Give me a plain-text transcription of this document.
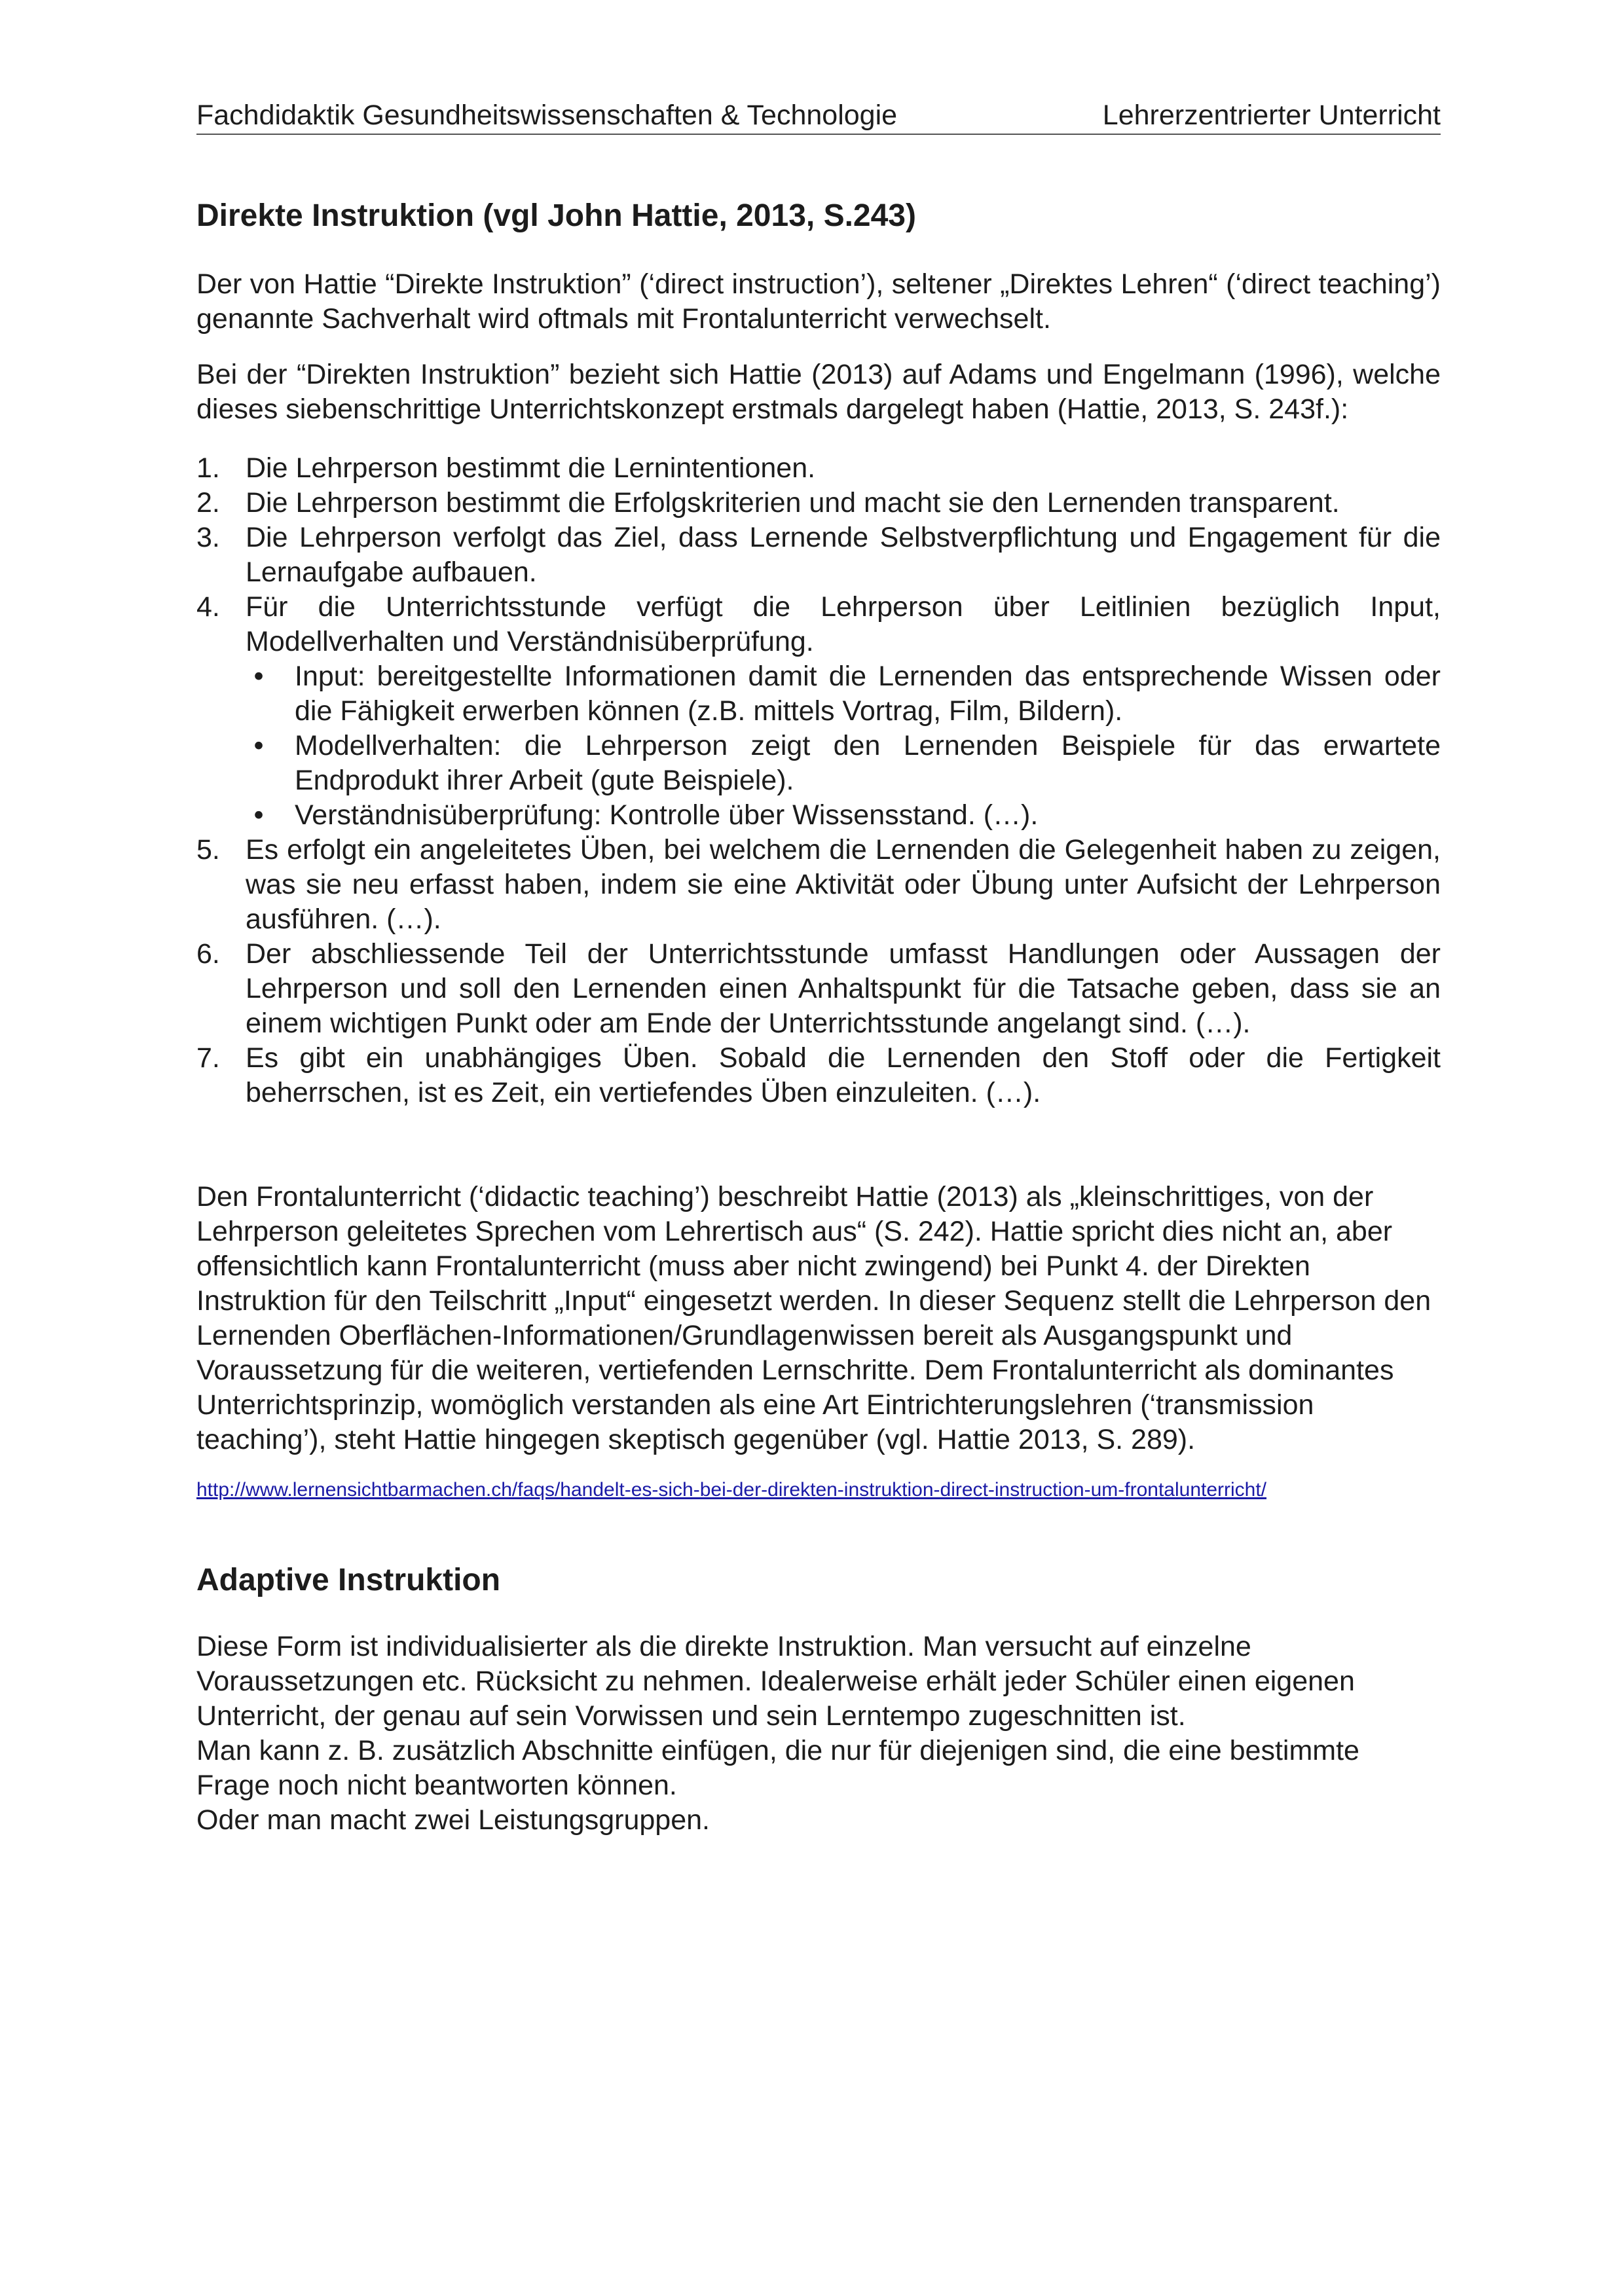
Fachdidaktik Gesundheitswissenschaften & Technologie	Lehrerzentrierter Unterricht
Direkte Instruktion (vgl John Hattie, 2013, S.243)

Der von Hattie “Direkte Instruktion” (‘direct instruction’), seltener „Direktes Lehren“ (‘direct teaching’) genannte Sachverhalt wird oftmals mit Frontalunterricht verwechselt.

Bei der “Direkten Instruktion” bezieht sich Hattie (2013) auf Adams und Engelmann (1996), welche dieses siebenschrittige Unterrichtskonzept erstmals dargelegt haben (Hattie, 2013, S. 243f.):

1. Die Lehrperson bestimmt die Lernintentionen.
2. Die Lehrperson bestimmt die Erfolgskriterien und macht sie den Lernenden transparent.
3. Die Lehrperson verfolgt das Ziel, dass Lernende Selbstverpflichtung und Engagement für die Lernaufgabe aufbauen.
4. Für die Unterrichtsstunde verfügt die Lehrperson über Leitlinien bezüglich Input, Modellverhalten und Verständnisüberprüfung.
• Input: bereitgestellte Informationen damit die Lernenden das entsprechende Wissen oder die Fähigkeit erwerben können (z.B. mittels Vortrag, Film, Bildern).
• Modellverhalten: die Lehrperson zeigt den Lernenden Beispiele für das erwartete Endprodukt ihrer Arbeit (gute Beispiele).
• Verständnisüberprüfung: Kontrolle über Wissensstand. (…).
5. Es erfolgt ein angeleitetes Üben, bei welchem die Lernenden die Gelegenheit haben zu zeigen, was sie neu erfasst haben, indem sie eine Aktivität oder Übung unter Aufsicht der Lehrperson ausführen. (…).
6. Der abschliessende Teil der Unterrichtsstunde umfasst Handlungen oder Aussagen der Lehrperson und soll den Lernenden einen Anhaltspunkt für die Tatsache geben, dass sie an einem wichtigen Punkt oder am Ende der Unterrichtsstunde angelangt sind. (…).
7. Es gibt ein unabhängiges Üben. Sobald die Lernenden den Stoff oder die Fertigkeit beherrschen, ist es Zeit, ein vertiefendes Üben einzuleiten. (…).

Den Frontalunterricht (‘didactic teaching’) beschreibt Hattie (2013) als „kleinschrittiges, von der Lehrperson geleitetes Sprechen vom Lehrertisch aus“ (S. 242). Hattie spricht dies nicht an, aber offensichtlich kann Frontalunterricht (muss aber nicht zwingend) bei Punkt 4. der Direkten Instruktion für den Teilschritt „Input“ eingesetzt werden. In dieser Sequenz stellt die Lehrperson den Lernenden Oberflächen-Informationen/Grundlagenwissen bereit als Ausgangspunkt und Voraussetzung für die weiteren, vertiefenden Lernschritte. Dem Frontalunterricht als dominantes Unterrichtsprinzip, womöglich verstanden als eine Art Eintrichterungslehren (‘transmission teaching’), steht Hattie hingegen skeptisch gegenüber (vgl. Hattie 2013, S. 289).

http://www.lernensichtbarmachen.ch/faqs/handelt-es-sich-bei-der-direkten-instruktion-direct-instruction-um-frontalunterricht/
Adaptive Instruktion

Diese Form ist individualisierter als die direkte Instruktion. Man versucht auf einzelne Voraussetzungen etc. Rücksicht zu nehmen. Idealerweise erhält jeder Schüler einen eigenen Unterricht, der genau auf sein Vorwissen und sein Lerntempo zugeschnitten ist.

Man kann z. B. zusätzlich Abschnitte einfügen, die nur für diejenigen sind, die eine bestimmte Frage noch nicht beantworten können.

Oder man macht zwei Leistungsgruppen.
